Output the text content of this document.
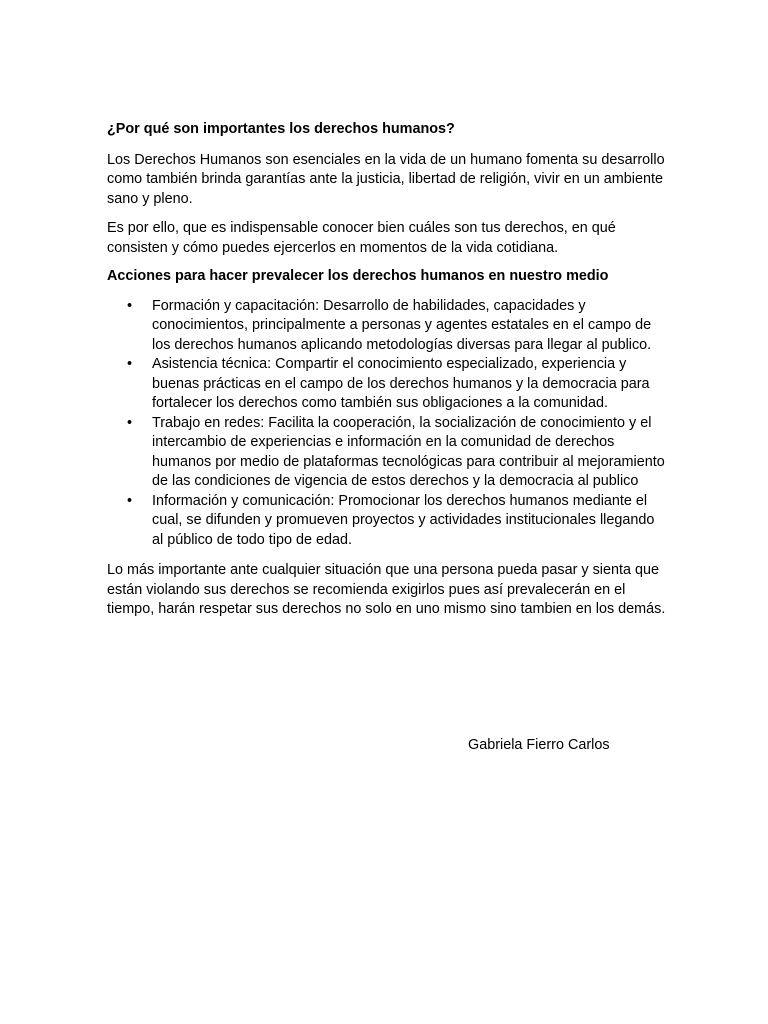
¿Por qué son importantes los derechos humanos?

Los Derechos Humanos son esenciales en la vida de un humano fomenta su desarrollo como también brinda garantías ante la justicia, libertad de religión, vivir en un ambiente sano y pleno.

Es por ello, que es indispensable conocer bien cuáles son tus derechos, en qué consisten y cómo puedes ejercerlos en momentos de la vida cotidiana.

Acciones para hacer prevalecer los derechos humanos en nuestro medio

• Formación y capacitación: Desarrollo de habilidades, capacidades y conocimientos, principalmente a personas y agentes estatales en el campo de los derechos humanos aplicando metodologías diversas para llegar al publico.
• Asistencia técnica: Compartir el conocimiento especializado, experiencia y buenas prácticas en el campo de los derechos humanos y la democracia para fortalecer los derechos como también sus obligaciones a la comunidad.
• Trabajo en redes: Facilita la cooperación, la socialización de conocimiento y el intercambio de experiencias e información en la comunidad de derechos humanos por medio de plataformas tecnológicas para contribuir al mejoramiento de las condiciones de vigencia de estos derechos y la democracia al publico
• Información y comunicación: Promocionar los derechos humanos mediante el cual, se difunden y promueven proyectos y actividades institucionales llegando al público de todo tipo de edad.

Lo más importante ante cualquier situación que una persona pueda pasar y sienta que están violando sus derechos se recomienda exigirlos pues así prevalecerán en el tiempo, harán respetar sus derechos no solo en uno mismo sino tambien en los demás.

Gabriela Fierro Carlos
